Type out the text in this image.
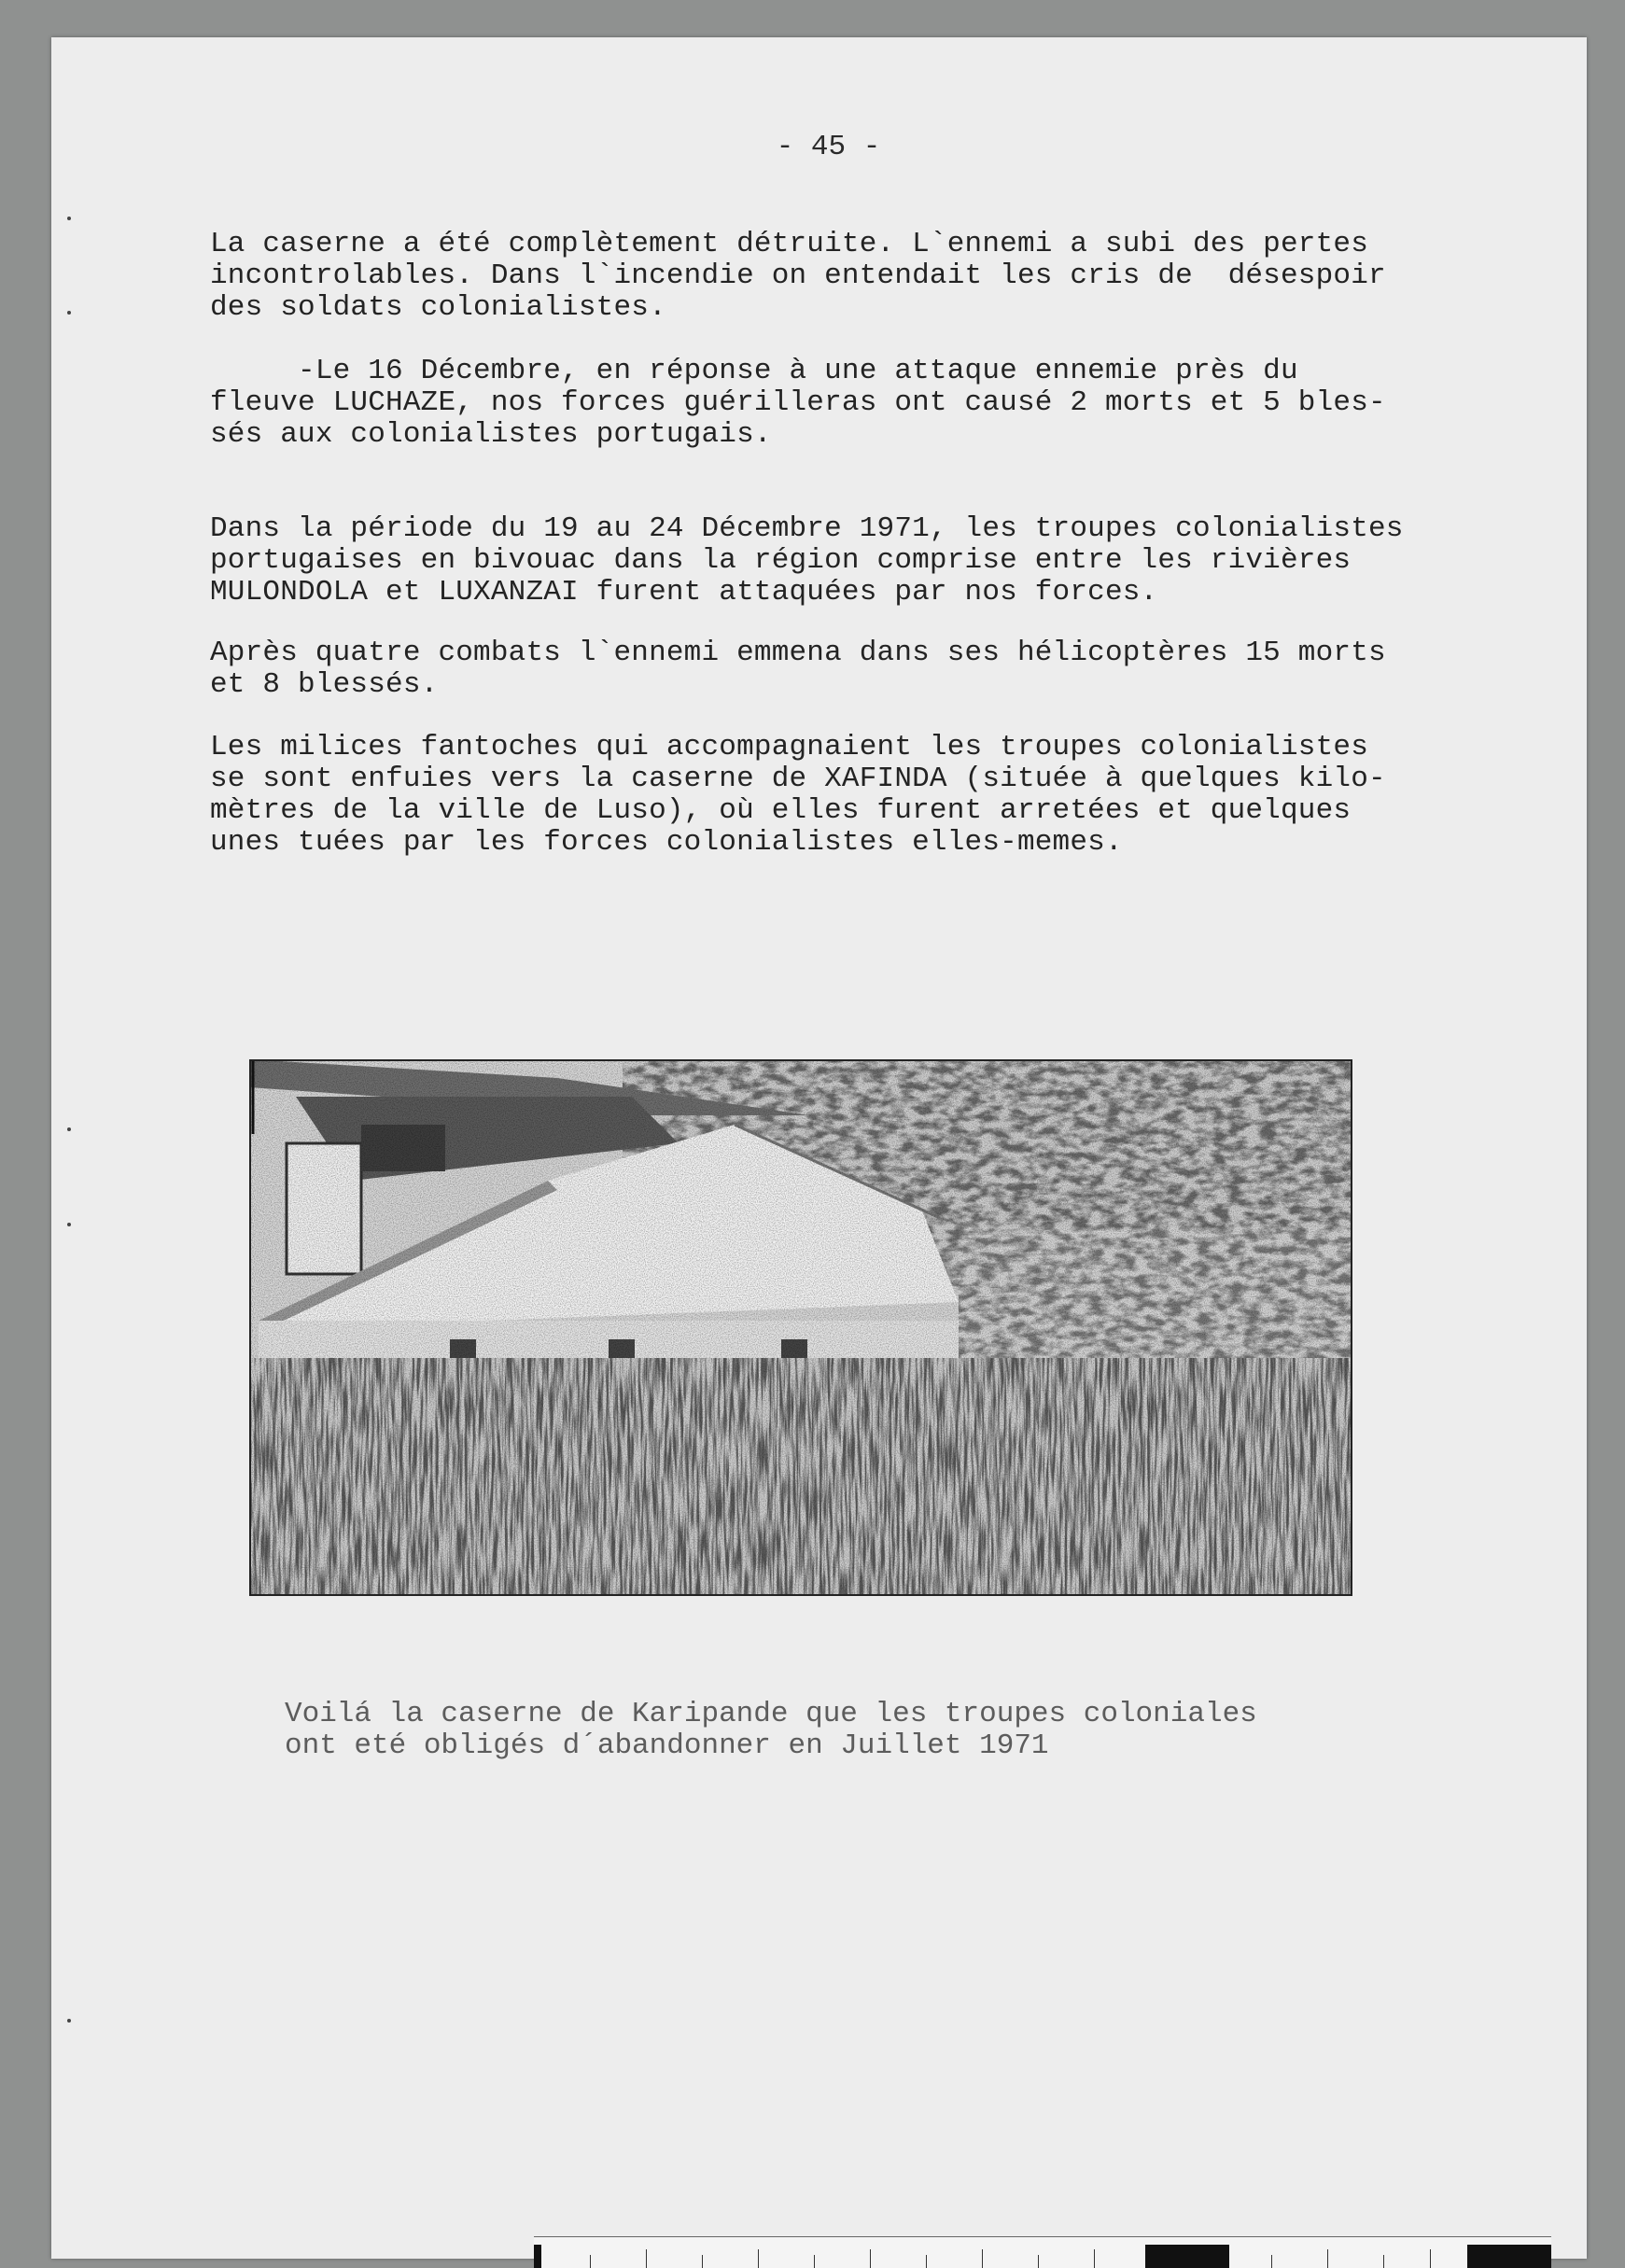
- 45 -

La caserne a été complètement détruite. L`ennemi a subi des pertes
incontrolables. Dans l`incendie on entendait les cris de  désespoir
des soldats colonialistes.

-Le 16 Décembre, en réponse à une attaque ennemie près du
fleuve LUCHAZE, nos forces guérilleras ont causé 2 morts et 5 bles-
sés aux colonialistes portugais.

Dans la période du 19 au 24 Décembre 1971, les troupes colonialistes
portugaises en bivouac dans la région comprise entre les rivières
MULONDOLA et LUXANZAI furent attaquées par nos forces.

Après quatre combats l`ennemi emmena dans ses hélicoptères 15 morts
et 8 blessés.

Les milices fantoches qui accompagnaient les troupes colonialistes
se sont enfuies vers la caserne de XAFINDA (située à quelques kilo-
mètres de la ville de Luso), où elles furent arretées et quelques
unes tuées par les forces colonialistes elles-memes.

Voilá la caserne de Karipande que les troupes coloniales
ont eté obligés d´abandonner en Juillet 1971
